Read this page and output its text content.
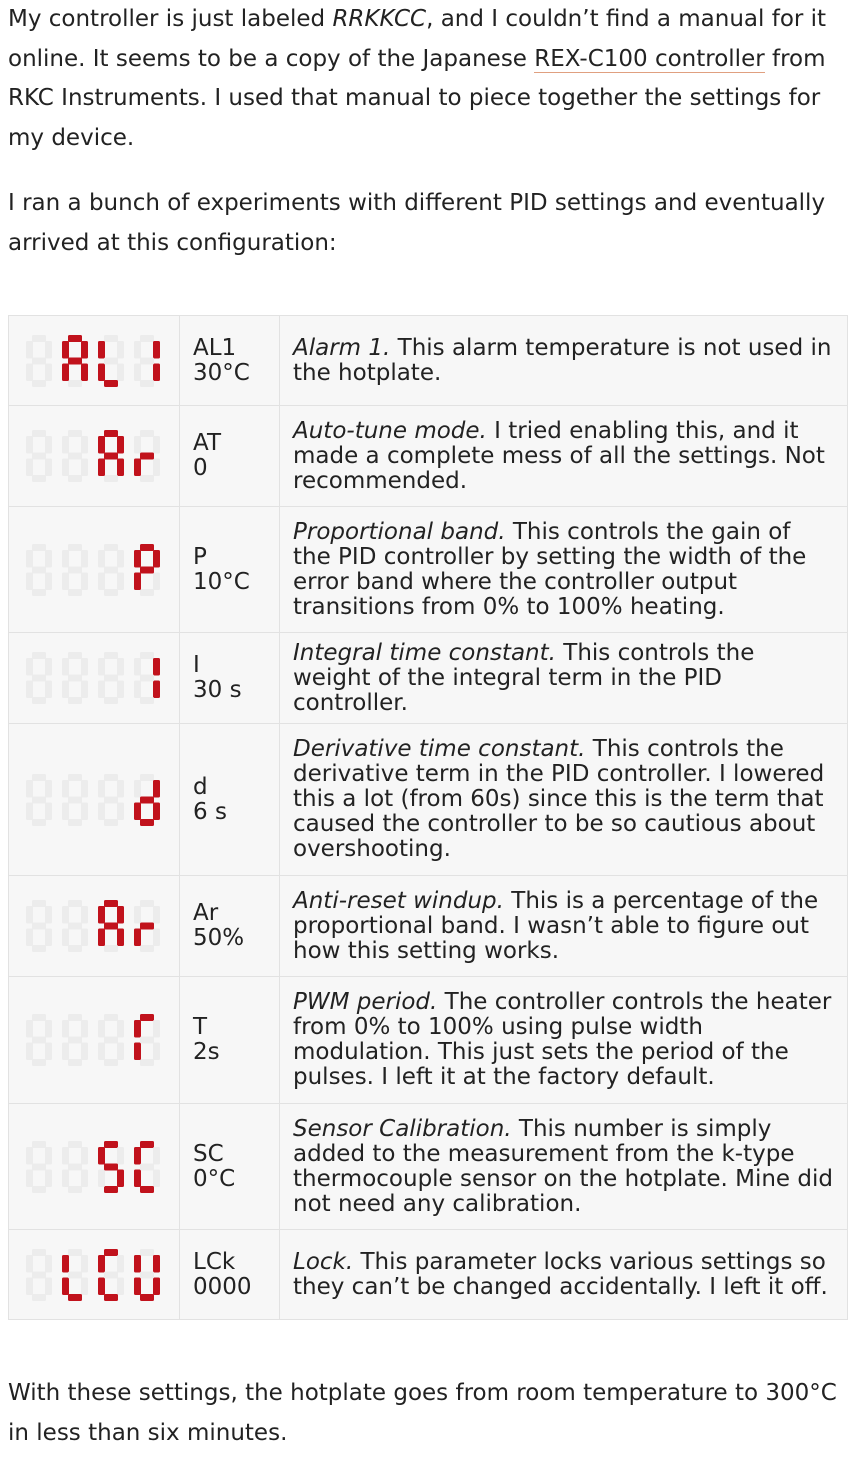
My controller is just labeled RRKKCC, and I couldn’t find a manual for it online. It seems to be a copy of the Japanese REX-C100 controller from RKC Instruments. I used that manual to piece together the settings for my device.

I ran a bunch of experiments with different PID settings and eventually arrived at this configuration:

AL1
30°C	Alarm 1. This alarm temperature is not used in the hotplate.

AT
0	Auto-tune mode. I tried enabling this, and it made a complete mess of all the settings. Not recommended.

P
10°C	Proportional band. This controls the gain of the PID controller by setting the width of the error band where the controller output transitions from 0% to 100% heating.

I
30 s	Integral time constant. This controls the weight of the integral term in the PID controller.

d
6 s	Derivative time constant. This controls the derivative term in the PID controller. I lowered this a lot (from 60s) since this is the term that caused the controller to be so cautious about overshooting.

Ar
50%	Anti-reset windup. This is a percentage of the proportional band. I wasn’t able to figure out how this setting works.

T
2s	PWM period. The controller controls the heater from 0% to 100% using pulse width modulation. This just sets the period of the pulses. I left it at the factory default.

SC
0°C	Sensor Calibration. This number is simply added to the measurement from the k-type thermocouple sensor on the hotplate. Mine did not need any calibration.

LCk
0000	Lock. This parameter locks various settings so they can’t be changed accidentally. I left it off.

With these settings, the hotplate goes from room temperature to 300°C in less than six minutes.
